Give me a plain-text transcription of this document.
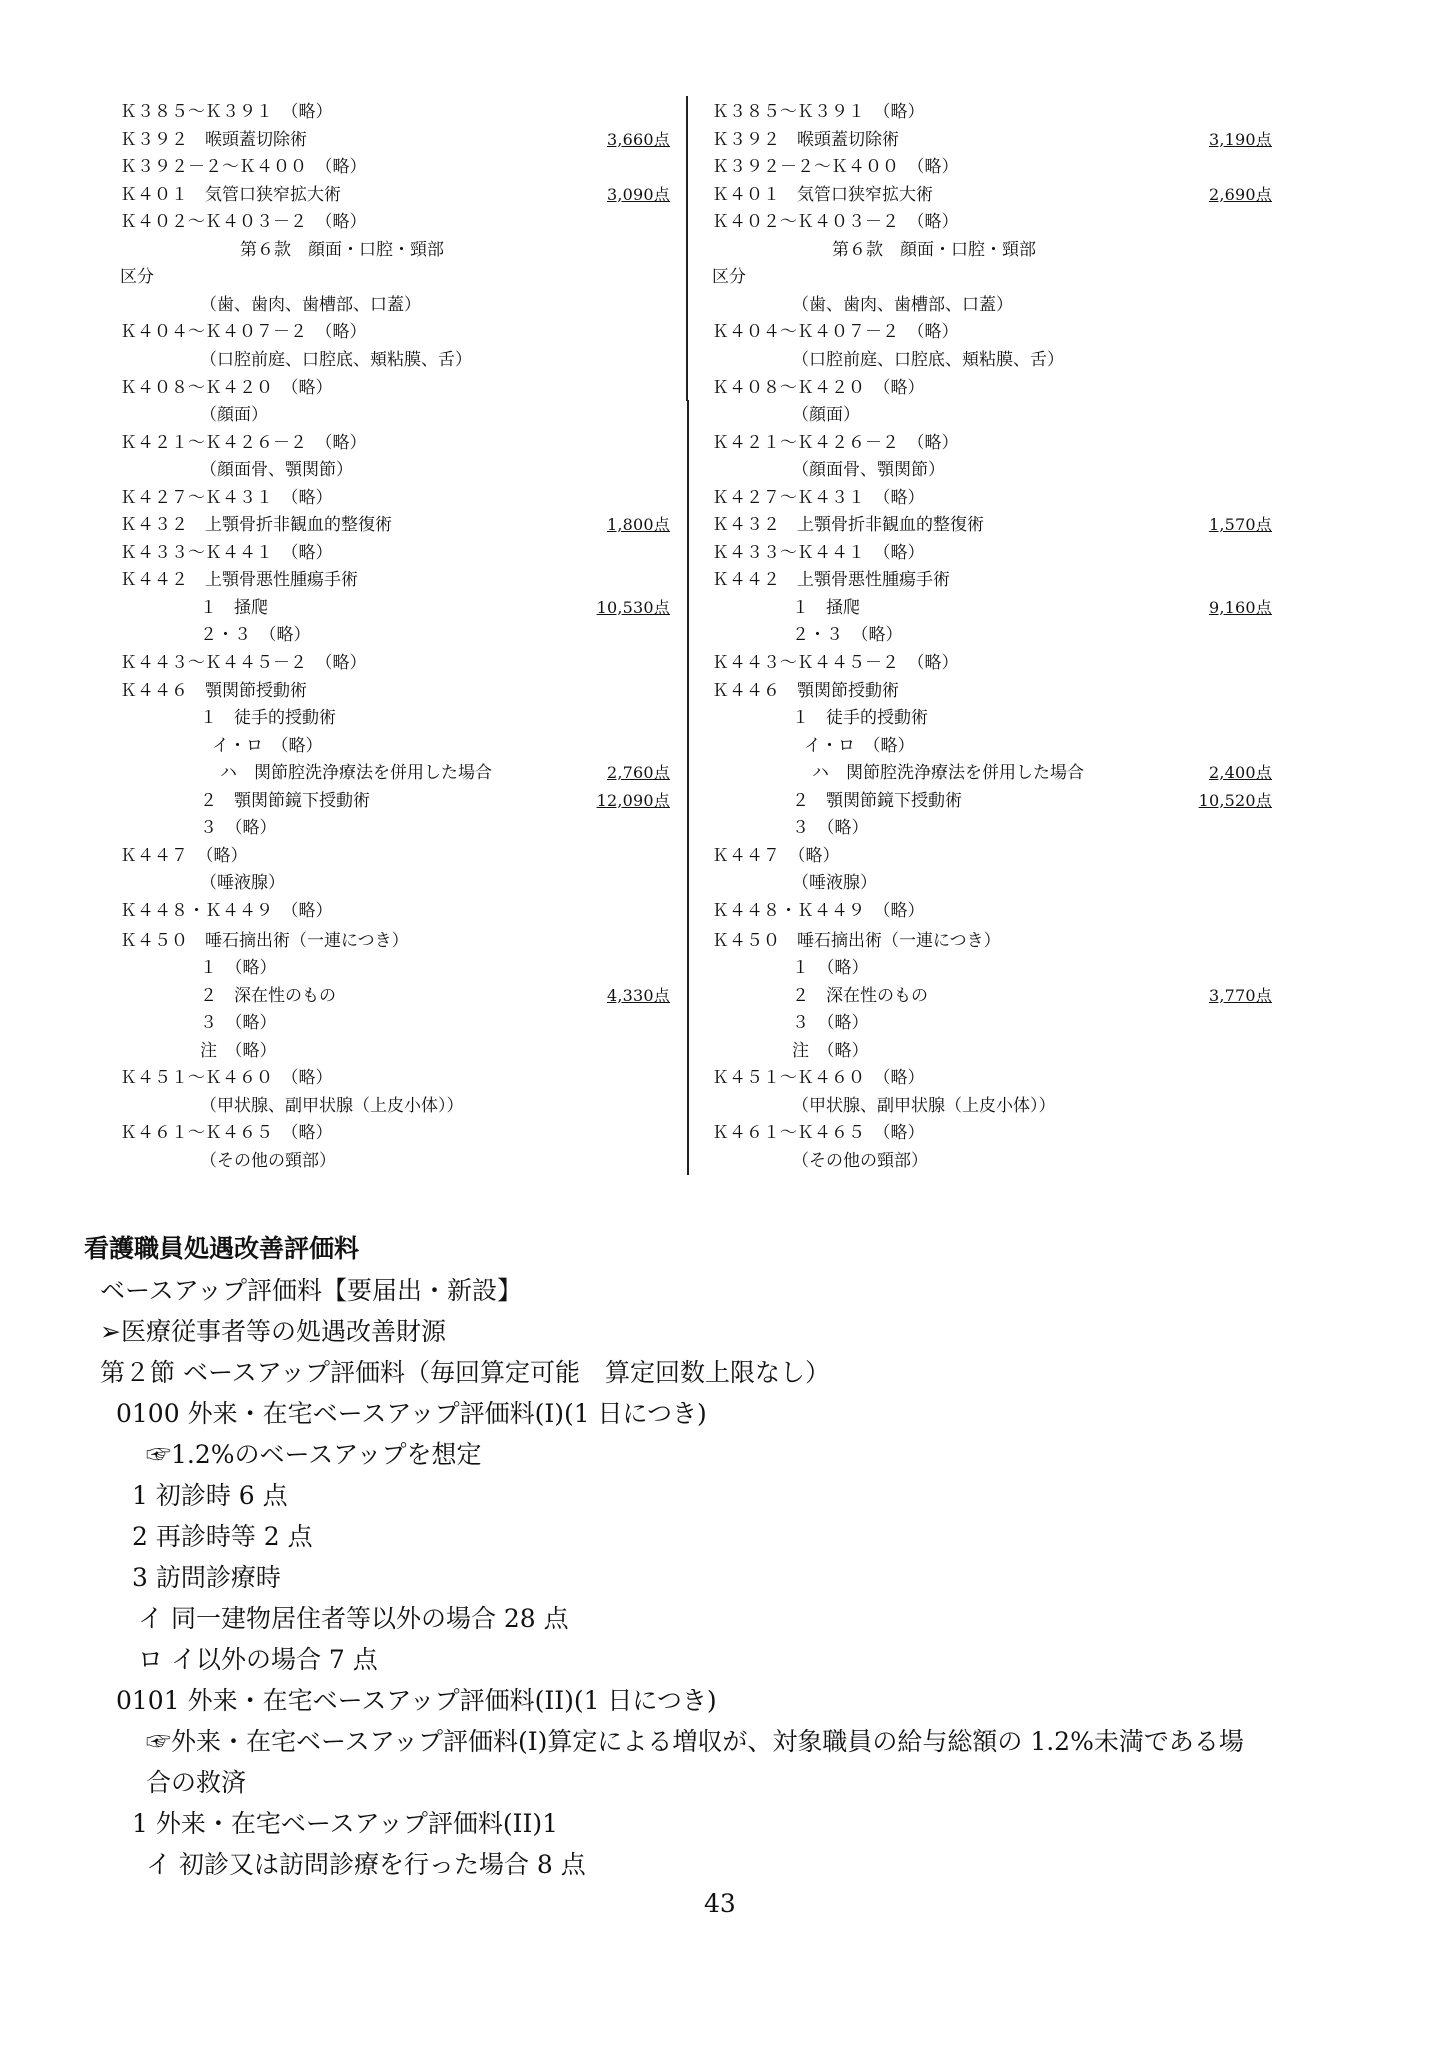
Ｋ３８５～Ｋ３９１　（略）
Ｋ３９２　喉頭蓋切除術	3,660点
Ｋ３９２－２～Ｋ４００　（略）
Ｋ４０１　気管口狭窄拡大術	3,090点
Ｋ４０２～Ｋ４０３－２　（略）
第６款　顔面・口腔・頸部
区分
（歯、歯肉、歯槽部、口蓋）
Ｋ４０４～Ｋ４０７－２　（略）
（口腔前庭、口腔底、頬粘膜、舌）
Ｋ４０８～Ｋ４２０　（略）
（顔面）
Ｋ４２１～Ｋ４２６－２　（略）
（顔面骨、顎関節）
Ｋ４２７～Ｋ４３１　（略）
Ｋ４３２　上顎骨折非観血的整復術	1,800点
Ｋ４３３～Ｋ４４１　（略）
Ｋ４４２　上顎骨悪性腫瘍手術
１　掻爬	10,530点
２・３　（略）
Ｋ４４３～Ｋ４４５－２　（略）
Ｋ４４６　顎関節授動術
１　徒手的授動術
イ・ロ　（略）
ハ　関節腔洗浄療法を併用した場合	2,760点
２　顎関節鏡下授動術	12,090点
３　（略）
Ｋ４４７　（略）
（唾液腺）
Ｋ４４８・Ｋ４４９　（略）
Ｋ４５０　唾石摘出術（一連につき）
１　（略）
２　深在性のもの	4,330点
３　（略）
注　（略）
Ｋ４５１～Ｋ４６０　（略）
（甲状腺、副甲状腺（上皮小体））
Ｋ４６１～Ｋ４６５　（略）
（その他の頸部）
Ｋ３８５～Ｋ３９１　（略）
Ｋ３９２　喉頭蓋切除術	3,190点
Ｋ３９２－２～Ｋ４００　（略）
Ｋ４０１　気管口狭窄拡大術	2,690点
Ｋ４０２～Ｋ４０３－２　（略）
第６款　顔面・口腔・頸部
区分
（歯、歯肉、歯槽部、口蓋）
Ｋ４０４～Ｋ４０７－２　（略）
（口腔前庭、口腔底、頬粘膜、舌）
Ｋ４０８～Ｋ４２０　（略）
（顔面）
Ｋ４２１～Ｋ４２６－２　（略）
（顔面骨、顎関節）
Ｋ４２７～Ｋ４３１　（略）
Ｋ４３２　上顎骨折非観血的整復術	1,570点
Ｋ４３３～Ｋ４４１　（略）
Ｋ４４２　上顎骨悪性腫瘍手術
１　掻爬	9,160点
２・３　（略）
Ｋ４４３～Ｋ４４５－２　（略）
Ｋ４４６　顎関節授動術
１　徒手的授動術
イ・ロ　（略）
ハ　関節腔洗浄療法を併用した場合	2,400点
２　顎関節鏡下授動術	10,520点
３　（略）
Ｋ４４７　（略）
（唾液腺）
Ｋ４４８・Ｋ４４９　（略）
Ｋ４５０　唾石摘出術（一連につき）
１　（略）
２　深在性のもの	3,770点
３　（略）
注　（略）
Ｋ４５１～Ｋ４６０　（略）
（甲状腺、副甲状腺（上皮小体））
Ｋ４６１～Ｋ４６５　（略）
（その他の頸部）
看護職員処遇改善評価料
ベースアップ評価料【要届出・新設】
➢医療従事者等の処遇改善財源
第２節 ベースアップ評価料（毎回算定可能　算定回数上限なし）
0100 外来・在宅ベースアップ評価料(I)(1 日につき)
☞1.2%のベースアップを想定
1 初診時 6 点
2 再診時等 2 点
3 訪問診療時
イ 同一建物居住者等以外の場合 28 点
ロ イ以外の場合 7 点
0101 外来・在宅ベースアップ評価料(II)(1 日につき)
☞外来・在宅ベースアップ評価料(I)算定による増収が、対象職員の給与総額の 1.2%未満である場
合の救済
1 外来・在宅ベースアップ評価料(II)1
イ 初診又は訪問診療を行った場合 8 点
43
